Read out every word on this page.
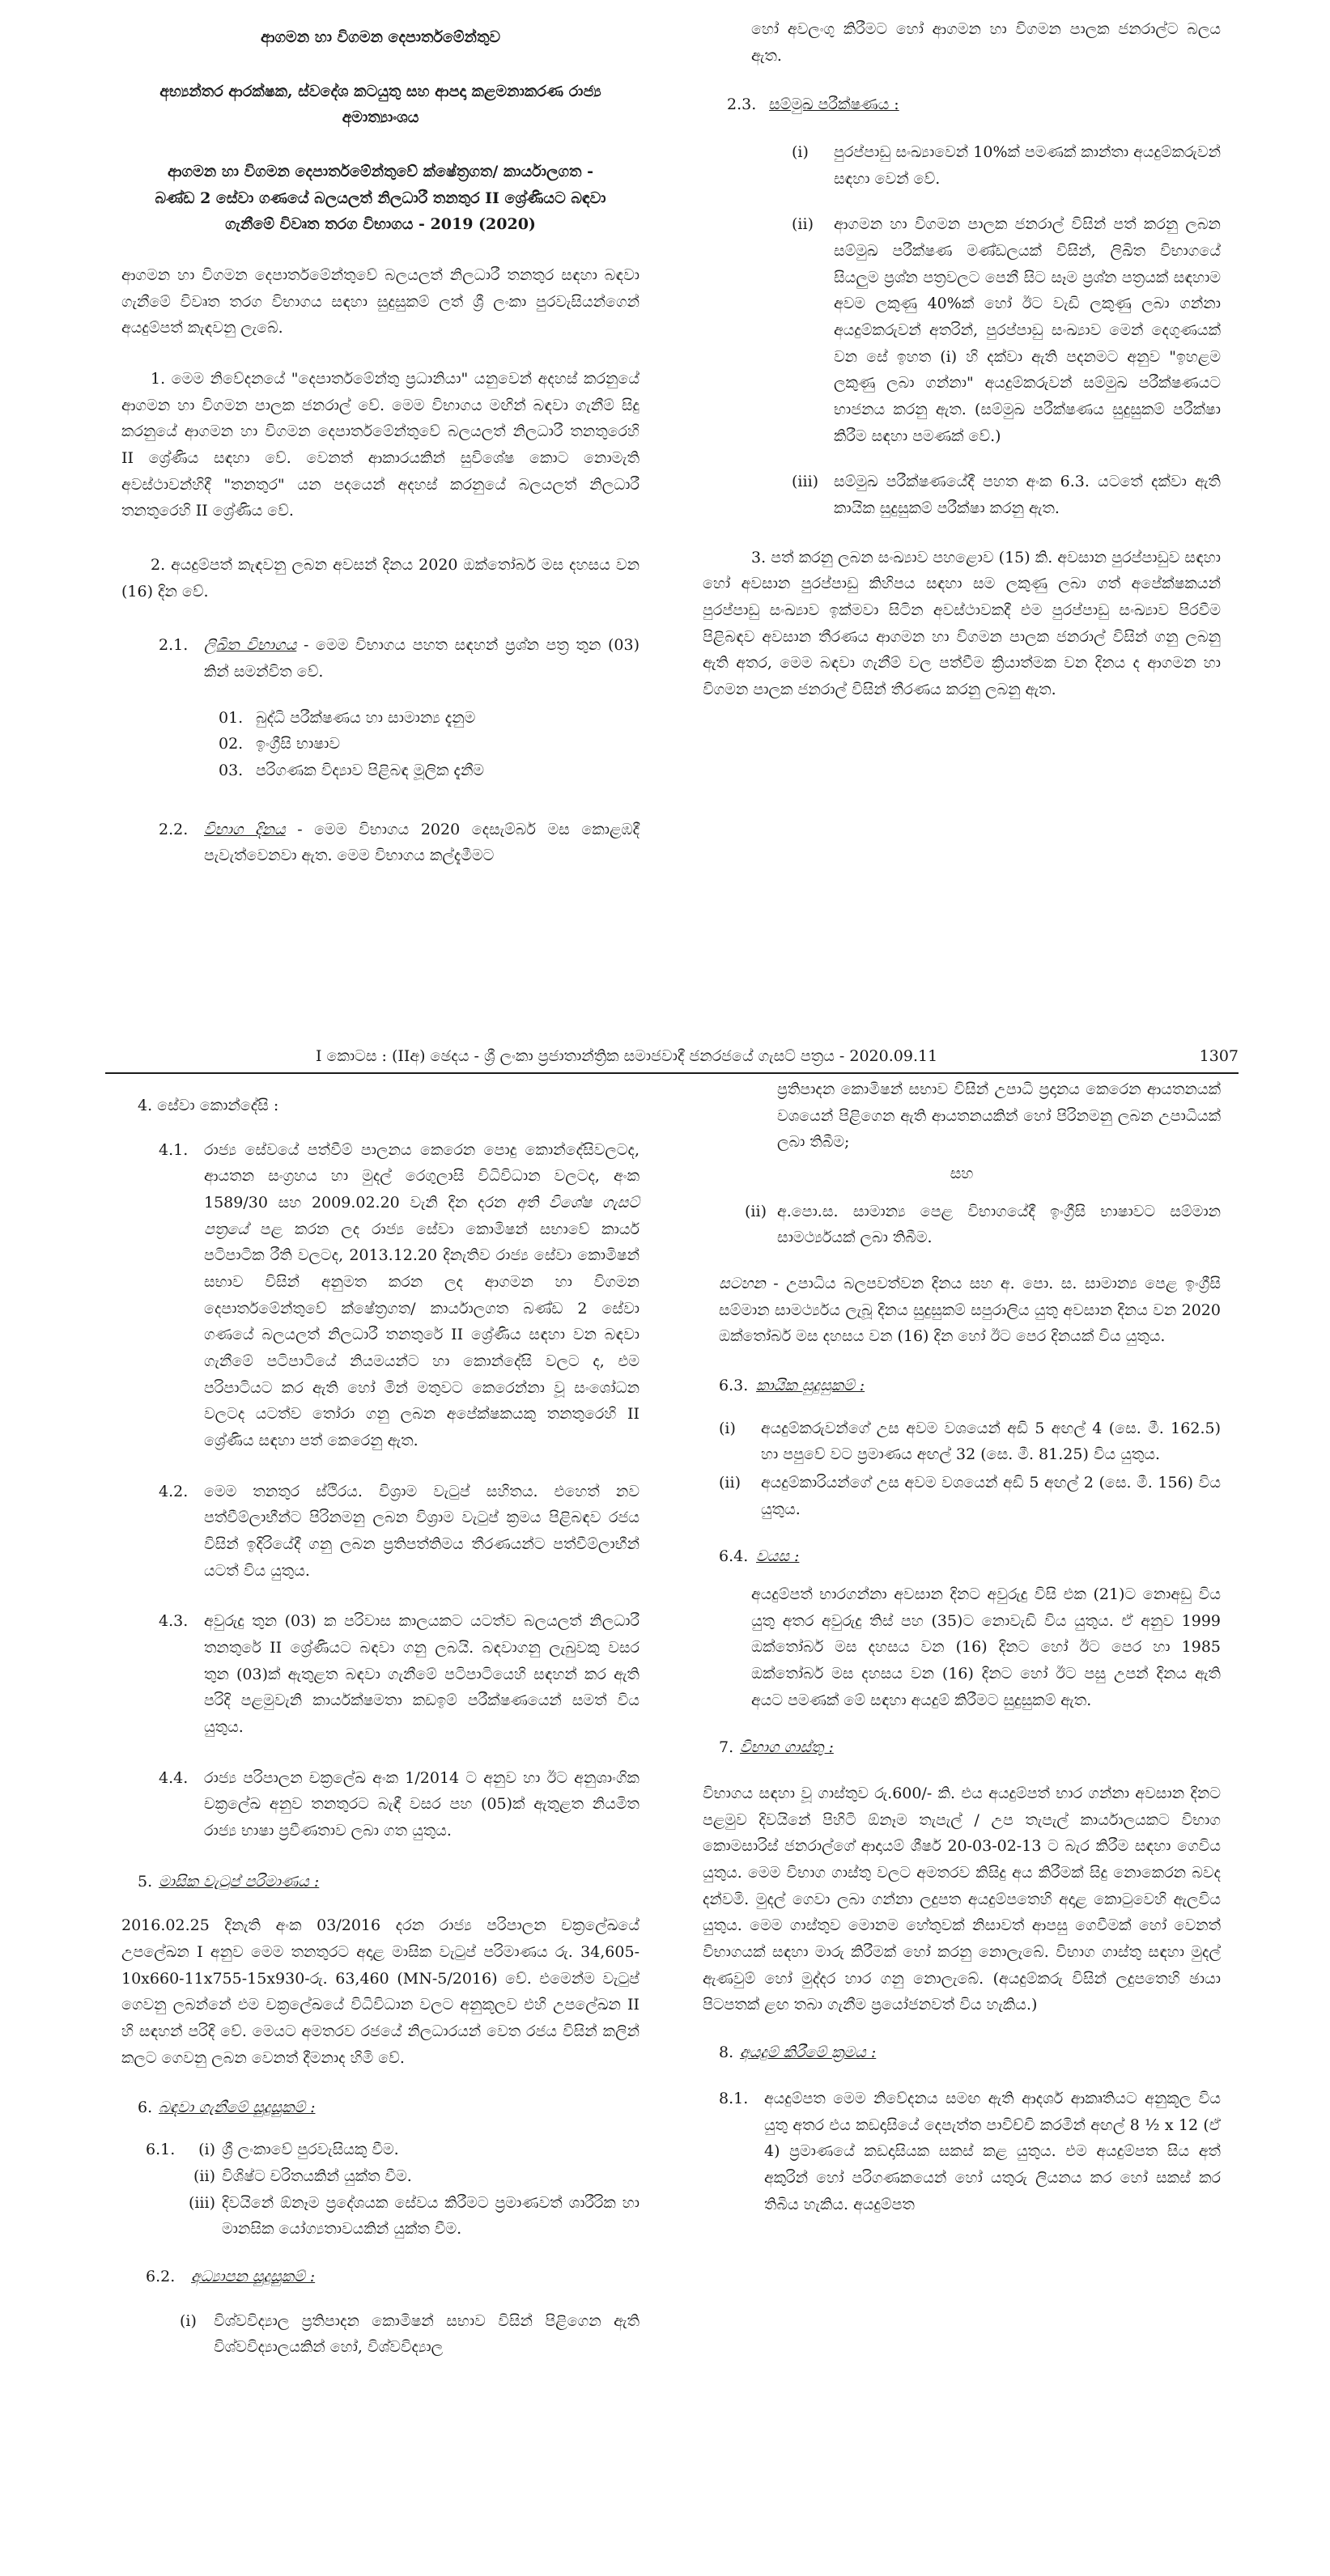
ආගමන හා විගමන දෙපාර්තමේන්තුව

අභ්‍යන්තර ආරක්ෂක, ස්වදේශ කටයුතු සහ ආපදා කළමනාකරණ රාජ්‍ය අමාත්‍යාංශය

ආගමන හා විගමන දෙපාර්තමේන්තුවේ ක්ෂේත්‍රගත/ කාර්යාලගත - බණ්ඩ 2 සේවා ගණයේ බලයලත් නිලධාරී තනතුර II ශ්‍රේණියට බඳවා ගැනීමේ විවෘත තරග විභාගය - 2019 (2020)

ආගමන හා විගමන දෙපාර්තමේන්තුවේ බලයලත් නිලධාරී තනතුර සඳහා බඳවා ගැනීමේ විවෘත තරග විභාගය සඳහා සුදුසුකම් ලත් ශ්‍රී ලංකා පුරවැසියන්ගෙන් අයදුම්පත් කැඳවනු ලැබේ.

1. මෙම නිවේදනයේ "දෙපාර්තමේන්තු ප්‍රධානියා" යනුවෙන් අදහස් කරනුයේ ආගමන හා විගමන පාලක ජනරාල් වේ. මෙම විභාගය මඟින් බඳවා ගැනීම් සිදු කරනුයේ ආගමන හා විගමන දෙපාර්තමේන්තුවේ බලයලත් නිලධාරී තනතුරෙහි II ශ්‍රේණිය සඳහා වේ. වෙනත් ආකාරයකින් සුවිශේෂ කොට නොමැති අවස්ථාවන්හිදී "තනතුර" යන පදයෙන් අදහස් කරනුයේ බලයලත් නිලධාරී තනතුරෙහි II ශ්‍රේණිය වේ.

2. අයදුම්පත් කැඳවනු ලබන අවසන් දිනය 2020 ඔක්තෝබර් මස දහසය වන (16) දින වේ.

2.1.	ලිඛිත විභාගය - මෙම විභාගය පහත සඳහන් ප්‍රශ්න පත්‍ර තුන (03) කින් සමන්විත වේ.
01. බුද්ධි පරීක්ෂණය හා සාමාන්‍ය දැනුම
02. ඉංග්‍රීසි භාෂාව
03. පරිගණක විද්‍යාව පිළිබඳ මූලික දැනීම
2.2.	විභාග දිනය - මෙම විභාගය 2020 දෙසැම්බර් මස කොළඹදී පැවැත්වෙනවා ඇත. මෙම විභාගය කල්දැමීමට

හෝ අවලංගු කිරීමට හෝ ආගමන හා විගමන පාලක ජනරාල්ට බලය ඇත.

2.3. සම්මුඛ පරීක්ෂණය :
(i)	පුරප්පාඩු සංඛ්‍යාවෙන් 10%ක් පමණක් කාන්තා අයදුම්කරුවන් සඳහා වෙන් වේ.
(ii)	ආගමන හා විගමන පාලක ජනරාල් විසින් පත් කරනු ලබන සම්මුඛ පරීක්ෂණ මණ්ඩලයක් විසින්, ලිඛිත විභාගයේ සියලුම ප්‍රශ්න පත්‍රවලට පෙනී සිට සෑම ප්‍රශ්න පත්‍රයක් සඳහාම අවම ලකුණු 40%ක් හෝ ඊට වැඩි ලකුණු ලබා ගන්නා අයදුම්කරුවන් අතරින්, පුරප්පාඩු සංඛ්‍යාව මෙන් දෙගුණයක් වන සේ ඉහත (i) හි දක්වා ඇති පදනමට අනුව "ඉහළම ලකුණු ලබා ගන්නා" අයදුම්කරුවන් සම්මුඛ පරීක්ෂණයට භාජනය කරනු ඇත. (සම්මුඛ පරීක්ෂණය සුදුසුකම් පරීක්ෂා කිරීම සඳහා පමණක් වේ.)
(iii) සම්මුඛ පරීක්ෂණයේදී පහත අංක 6.3. යටතේ දක්වා ඇති කායික සුදුසුකම් පරීක්ෂා කරනු ඇත.

3. පත් කරනු ලබන සංඛ්‍යාව පහළොව (15) කි. අවසාන පුරප්පාඩුව සඳහා හෝ අවසාන පුරප්පාඩු කිහිපය සඳහා සම ලකුණු ලබා ගත් අපේක්ෂකයන් පුරප්පාඩු සංඛ්‍යාව ඉක්මවා සිටින අවස්ථාවකදී එම පුරප්පාඩු සංඛ්‍යාව පිරවීම පිළිබඳව අවසාන තීරණය ආගමන හා විගමන පාලක ජනරාල් විසින් ගනු ලබනු ඇති අතර, මෙම බඳවා ගැනීම් වල පත්වීම ක්‍රියාත්මක වන දිනය ද ආගමන හා විගමන පාලක ජනරාල් විසින් තීරණය කරනු ලබනු ඇත.

I කොටස : (IIඅ) ඡෙදය - ශ්‍රී ලංකා ප්‍රජාතාන්ත්‍රික සමාජවාදී ජනරජයේ ගැසට් පත්‍රය - 2020.09.11	1307

4. සේවා කොන්දේසි :

4.1.	රාජ්‍ය සේවයේ පත්වීම් පාලනය කෙරෙන පොදු කොන්දේසිවලටද, ආයතන සංග්‍රහය හා මුදල් රෙගුලාසි විධිවිධාන වලටද, අංක 1589/30 සහ 2009.02.20 වැනි දින දරන අති විශේෂ ගැසට් පත්‍රයේ පළ කරන ලද රාජ්‍ය සේවා කොමිෂන් සභාවේ කාර්ය පටිපාටික රීති වලටද, 2013.12.20 දිනැතිව රාජ්‍ය සේවා කොමිෂන් සභාව විසින් අනුමත කරන ලද ආගමන හා විගමන දෙපාර්තමේන්තුවේ ක්ෂේත්‍රගත/ කාර්යාලගත බණ්ඩ 2 සේවා ගණයේ බලයලත් නිලධාරී තනතුරේ II ශ්‍රේණිය සඳහා වන බඳවා ගැනීමේ පටිපාටියේ නියමයන්ට හා කොන්දේසි වලට ද, එම පරිපාටියට කර ඇති හෝ මින් මතුවට කෙරෙන්නා වූ සංශෝධන වලටද යටත්ව තෝරා ගනු ලබන අපේක්ෂකයකු තනතුරෙහි II ශ්‍රේණිය සඳහා පත් කෙරෙනු ඇත.
4.2.	මෙම තනතුර ස්ථිරය. විශ්‍රාම වැටුප් සහිතය. එහෙත් නව පත්වීම්ලාභීන්ට පිරිනමනු ලබන විශ්‍රාම වැටුප් ක්‍රමය පිළිබඳව රජය විසින් ඉදිරියේදී ගනු ලබන ප්‍රතිපත්තිමය තීරණයන්ට පත්වීම්ලාභීන් යටත් විය යුතුය.
4.3.	අවුරුදු තුන (03) ක පරිවාස කාලයකට යටත්ව බලයලත් නිලධාරී තනතුරේ II ශ්‍රේණියට බඳවා ගනු ලබයි. බඳවාගනු ලැබුවකු වසර තුන (03)ක් ඇතුළත බඳවා ගැනීමේ පටිපාටියෙහි සඳහන් කර ඇති පරිදි පළමුවැනි කාර්යක්ෂමතා කඩඉම් පරීක්ෂණයෙන් සමත් විය යුතුය.
4.4.	රාජ්‍ය පරිපාලන චක්‍රලේඛ අංක 1/2014 ට අනුව හා ඊට අනුශාංගික චක්‍රලේඛ අනුව තනතුරට බැඳී වසර පහ (05)ක් ඇතුළත නියමිත රාජ්‍ය භාෂා ප්‍රවීණතාව ලබා ගත යුතුය.
5. මාසික වැටුප් පරිමාණය :

2016.02.25 දිනැති අංක 03/2016 දරන රාජ්‍ය පරිපාලන චක්‍රලේඛයේ උපලේඛන I අනුව මෙම තනතුරට අදාළ මාසික වැටුප් පරිමාණය රු. 34,605-10x660-11x755-15x930-රු. 63,460 (MN-5/2016) වේ. එමෙන්ම වැටුප් ගෙවනු ලබන්නේ එම චක්‍රලේඛයේ විධිවිධාන වලට අනුකූලව එහි උපලේඛන II හි සඳහන් පරිදි වේ. මෙයට අමතරව රජයේ නිලධාරයන් වෙත රජය විසින් කලින් කලට ගෙවනු ලබන වෙනත් දීමනාද හිමි වේ.

6. බඳවා ගැනීමේ සුදුසුකම් :
6.1.	(i) ශ්‍රී ලංකාවේ පුරවැසියකු වීම.
(ii) විශිෂ්ට චරිතයකින් යුක්ත වීම.
(iii) දිවයිනේ ඕනෑම ප්‍රදේශයක සේවය කිරීමට ප්‍රමාණවත් ශාරීරික හා මානසික යෝග්‍යතාවයකින් යුක්ත වීම.
6.2.	අධ්‍යාපන සුදුසුකම් :
(i)	විශ්වවිද්‍යාල ප්‍රතිපාදන කොමිෂන් සභාව විසින් පිළිගෙන ඇති විශ්වවිද්‍යාලයකින් හෝ, විශ්වවිද්‍යාල

ප්‍රතිපාදන කොමිෂන් සභාව විසින් උපාධි ප්‍රදානය කෙරෙන ආයතනයක් වශයෙන් පිළිගෙන ඇති ආයතනයකින් හෝ පිරිනමනු ලබන උපාධියක් ලබා තිබීම;

සහ

(ii) අ.පො.ස. සාමාන්‍ය පෙළ විභාගයේදී ඉංග්‍රීසි භාෂාවට සම්මාන සාමර්ථ්‍යයක් ලබා තිබීම.
සටහන - උපාධිය බලපවත්වන දිනය සහ අ. පො. ස. සාමාන්‍ය පෙළ ඉංග්‍රීසි සම්මාන සාමර්ථ්‍යය ලැබූ දිනය සුදුසුකම් සපුරාලිය යුතු අවසාන දිනය වන 2020 ඔක්තෝබර් මස දහසය වන (16) දින හෝ ඊට පෙර දිනයක් විය යුතුය.
6.3. කායික සුදුසුකම් :
(i)	අයදුම්කරුවන්ගේ උස අවම වශයෙන් අඩි 5 අඟල් 4 (සෙ. මී. 162.5) හා පපුවේ වට ප්‍රමාණය අඟල් 32 (සෙ. මී. 81.25) විය යුතුය.
(ii)	අයදුම්කාරියන්ගේ උස අවම වශයෙන් අඩි 5 අඟල් 2 (සෙ. මී. 156) විය යුතුය.
6.4. වයස :

අයදුම්පත් භාරගන්නා අවසාන දිනට අවුරුදු විසි එක (21)ට නොඅඩු විය යුතු අතර අවුරුදු තිස් පහ (35)ට නොවැඩි විය යුතුය. ඒ අනුව 1999 ඔක්තෝබර් මස දහසය වන (16) දිනට හෝ ඊට පෙර හා 1985 ඔක්තෝබර් මස දහසය වන (16) දිනට හෝ ඊට පසු උපන් දිනය ඇති අයට පමණක් මේ සඳහා අයදුම් කිරීමට සුදුසුකම් ඇත.

7. විභාග ගාස්තු :

විභාගය සඳහා වූ ගාස්තුව රු.600/- කි. එය අයදුම්පත් භාර ගන්නා අවසාන දිනට පළමුව දිවයිනේ පිහිටි ඕනෑම තැපැල් / උප තැපැල් කාර්යාලයකට විභාග කොමසාරිස් ජනරාල්ගේ ආදායම් ශීර්ෂ 20-03-02-13 ට බැර කිරීම සඳහා ගෙවිය යුතුය. මෙම විභාග ගාස්තු වලට අමතරව කිසිදු අය කිරීමක් සිදු නොකෙරන බවද දන්වමි. මුදල් ගෙවා ලබා ගන්නා ලදුපත අයදුම්පතෙහි අදාළ කොටුවෙහි ඇලවිය යුතුය. මෙම ගාස්තුව මොනම හේතුවක් නිසාවත් ආපසු ගෙවීමක් හෝ වෙනත් විභාගයක් සඳහා මාරු කිරීමක් හෝ කරනු නොලැබේ. විභාග ගාස්තු සඳහා මුදල් ඇණවුම් හෝ මුද්දර හාර ගනු නොලැබේ. (අයදුම්කරු විසින් ලදුපතෙහි ඡායා පිටපතක් ළඟ තබා ගැනීම ප්‍රයෝජනවත් විය හැකිය.)

8. අයදුම් කිරීමේ ක්‍රමය :
8.1.	අයදුම්පත මෙම නිවේදනය සමඟ ඇති ආදර්ශ ආකෘතියට අනුකූල විය යුතු අතර එය කඩදාසියේ දෙපැත්ත පාවිච්චි කරමින් අඟල් 8 ½ x 12 (ඒ 4) ප්‍රමාණයේ කඩදාසියක සකස් කළ යුතුය. එම අයදුම්පත සිය අත් අකුරින් හෝ පරිගණකයෙන් හෝ යතුරු ලියනය කර හෝ සකස් කර තිබිය හැකිය. අයදුම්පත
